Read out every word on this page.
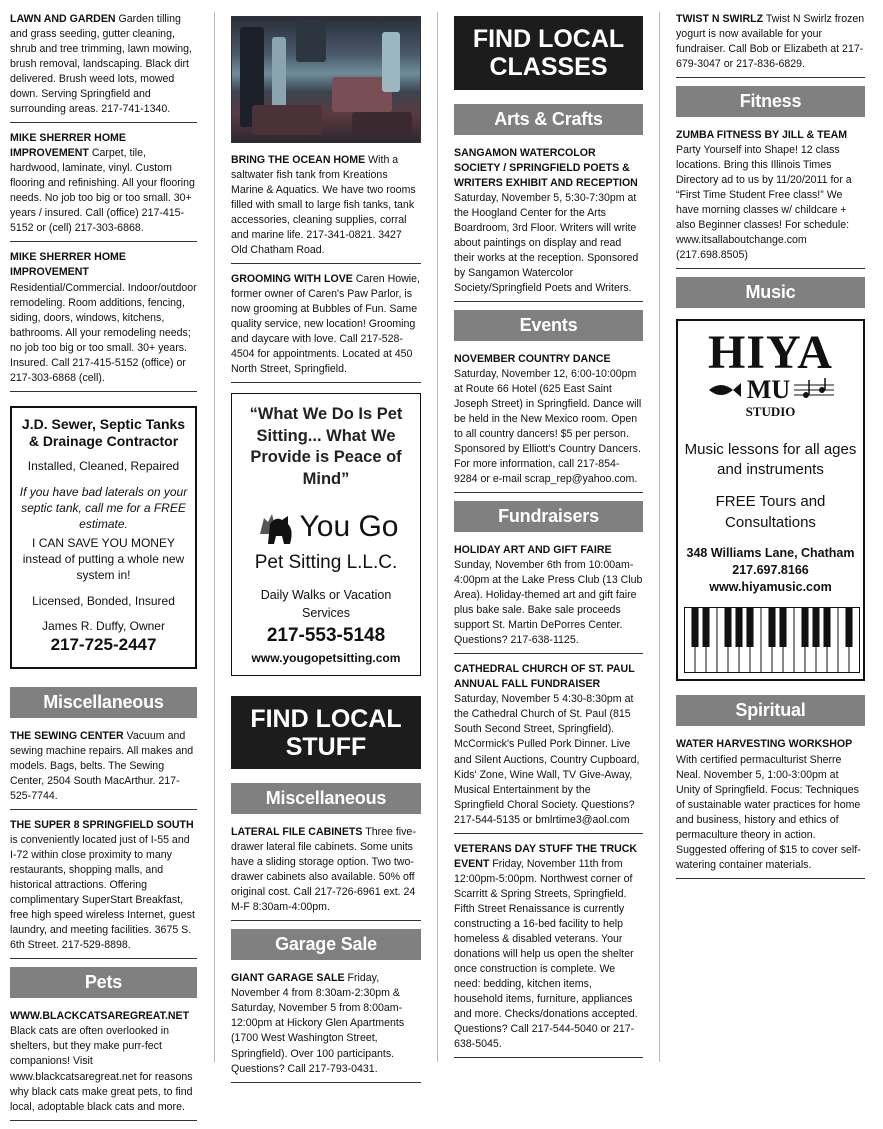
LAWN AND GARDEN Garden tilling and grass seeding, gutter cleaning, shrub and tree trimming, lawn mowing, brush removal, landscaping. Black dirt delivered. Brush weed lots, mowed down. Serving Springfield and surrounding areas. 217-741-1340.
MIKE SHERRER HOME IMPROVEMENT Carpet, tile, hardwood, laminate, vinyl. Custom flooring and refinishing. All your flooring needs. No job too big or too small. 30+ years / insured. Call (office) 217-415-5152 or (cell) 217-303-6868.
MIKE SHERRER HOME IMPROVEMENT Residential/Commercial. Indoor/outdoor remodeling. Room additions, fencing, siding, doors, windows, kitchens, bathrooms. All your remodeling needs; no job too big or too small. 30+ years. Insured. Call 217-415-5152 (office) or 217-303-6868 (cell).
J.D. Sewer, Septic Tanks & Drainage Contractor

Installed, Cleaned, Repaired

If you have bad laterals on your septic tank, call me for a FREE estimate.

I CAN SAVE YOU MONEY instead of putting a whole new system in!

Licensed, Bonded, Insured

James R. Duffy, Owner
217-725-2447
Miscellaneous
THE SEWING CENTER Vacuum and sewing machine repairs. All makes and models. Bags, belts. The Sewing Center, 2504 South MacArthur. 217-525-7744.
THE SUPER 8 SPRINGFIELD SOUTH is conveniently located just of I-55 and I-72 within close proximity to many restaurants, shopping malls, and historical attractions. Offering complimentary SuperStart Breakfast, free high speed wireless Internet, guest laundry, and meeting facilities. 3675 S. 6th Street. 217-529-8898.
Pets
WWW.BLACKCATSAREGREAT.NET Black cats are often overlooked in shelters, but they make purr-fect companions! Visit www.blackcatsaregreat.net for reasons why black cats make great pets, to find local, adoptable black cats and more.
BRING THE OCEAN HOME With a saltwater fish tank from Kreations Marine & Aquatics. We have two rooms filled with small to large fish tanks, tank accessories, cleaning supplies, corral and marine life. 217-341-0821. 3427 Old Chatham Road.
GROOMING WITH LOVE Caren Howie, former owner of Caren's Paw Parlor, is now grooming at Bubbles of Fun. Same quality service, new location! Grooming and daycare with love. Call 217-528-4504 for appointments. Located at 450 North Street, Springfield.
“What We Do Is Pet Sitting... What We Provide is Peace of Mind”
You Go
Pet Sitting L.L.C.
Daily Walks or Vacation Services
217-553-5148
www.yougopetsitting.com
FIND LOCAL STUFF
Miscellaneous
LATERAL FILE CABINETS Three five-drawer lateral file cabinets. Some units have a sliding storage option. Two two-drawer cabinets also available. 50% off original cost. Call 217-726-6961 ext. 24 M-F 8:30am-4:00pm.
Garage Sale
GIANT GARAGE SALE Friday, November 4 from 8:30am-2:30pm & Saturday, November 5 from 8:00am-12:00pm at Hickory Glen Apartments (1700 West Washington Street, Springfield). Over 100 participants. Questions? Call 217-793-0431.
FIND LOCAL CLASSES
Arts & Crafts
SANGAMON WATERCOLOR SOCIETY / SPRINGFIELD POETS & WRITERS EXHIBIT AND RECEPTION Saturday, November 5, 5:30-7:30pm at the Hoogland Center for the Arts Boardroom, 3rd Floor. Writers will write about paintings on display and read their works at the reception. Sponsored by Sangamon Watercolor Society/Springfield Poets and Writers.
Events
NOVEMBER COUNTRY DANCE Saturday, November 12, 6:00-10:00pm at Route 66 Hotel (625 East Saint Joseph Street) in Springfield. Dance will be held in the New Mexico room. Open to all country dancers! $5 per person. Sponsored by Elliott's Country Dancers. For more information, call 217-854-9284 or e-mail scrap_rep@yahoo.com.
Fundraisers
HOLIDAY ART AND GIFT FAIRE Sunday, November 6th from 10:00am-4:00pm at the Lake Press Club (13 Club Area). Holiday-themed art and gift faire plus bake sale. Bake sale proceeds support St. Martin DePorres Center. Questions? 217-638-1125.
CATHEDRAL CHURCH OF ST. PAUL ANNUAL FALL FUNDRAISER Saturday, November 5 4:30-8:30pm at the Cathedral Church of St. Paul (815 South Second Street, Springfield). McCormick's Pulled Pork Dinner. Live and Silent Auctions, Country Cupboard, Kids' Zone, Wine Wall, TV Give-Away, Musical Entertainment by the Springfield Choral Society. Questions? 217-544-5135 or bmlrtime3@aol.com
VETERANS DAY STUFF THE TRUCK EVENT Friday, November 11th from 12:00pm-5:00pm. Northwest corner of Scarritt & Spring Streets, Springfield. Fifth Street Renaissance is currently constructing a 16-bed facility to help homeless & disabled veterans. Your donations will help us open the shelter once construction is complete. We need: bedding, kitchen items, household items, furniture, appliances and more. Checks/donations accepted. Questions? Call 217-544-5040 or 217-638-5045.
TWIST N SWIRLZ Twist N Swirlz frozen yogurt is now available for your fundraiser. Call Bob or Elizabeth at 217-679-3047 or 217-836-6829.
Fitness
ZUMBA FITNESS BY JILL & TEAM Party Yourself into Shape! 12 class locations. Bring this Illinois Times Directory ad to us by 11/20/2011 for a “First Time Student Free class!” We have morning classes w/ childcare + also Beginner classes! For schedule: www.itsallaboutchange.com (217.698.8505)
Music
HIYA
MU
STUDIO
Music lessons for all ages and instruments
FREE Tours and Consultations
348 Williams Lane, Chatham
217.697.8166
www.hiyamusic.com
Spiritual
WATER HARVESTING WORKSHOP With certified permaculturist Sherre Neal. November 5, 1:00-3:00pm at Unity of Springfield. Focus: Techniques of sustainable water practices for home and business, history and ethics of permaculture theory in action. Suggested offering of $15 to cover self-watering container materials.
